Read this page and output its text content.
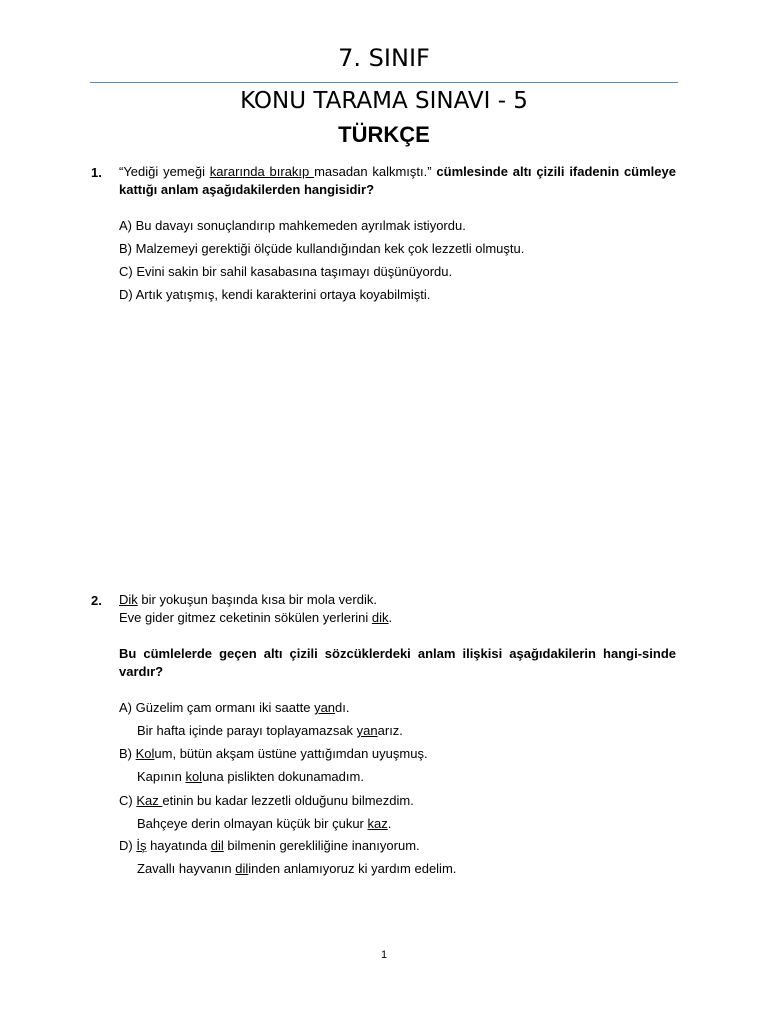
7. SINIF
KONU TARAMA SINAVI - 5
TÜRKÇE
1. “Yediği yemeği kararında bırakıp masadan kalkmıştı.” cümlesinde altı çizili ifadenin cümleye kattığı anlam aşağıdakilerden hangisidir?
A) Bu davayı sonuçlandırıp mahkemeden ayrılmak istiyordu.
B) Malzemeyi gerektiği ölçüde kullandığından kek çok lezzetli olmuştu.
C) Evini sakin bir sahil kasabasına taşımayı düşünüyordu.
D) Artık yatışmış, kendi karakterini ortaya koyabilmişti.
2. Dik bir yokuşun başında kısa bir mola verdik.
Eve gider gitmez ceketinin sökülen yerlerini dik.
Bu cümlelerde geçen altı çizili sözcüklerdeki anlam ilişkisi aşağıdakilerin hangi-sinde vardır?
A) Güzelim çam ormanı iki saatte yandı.
Bir hafta içinde parayı toplayamazsak yanarız.
B) Kolum, bütün akşam üstüne yattığımdan uyuşmuş.
Kapının koluna pislikten dokunamadım.
C) Kaz etinin bu kadar lezzetli olduğunu bilmezdim.
Bahçeye derin olmayan küçük bir çukur kaz.
D) İş hayatında dil bilmenin gerekliliğine inanıyorum.
Zavallı hayvanın dilinden anlamıyoruz ki yardım edelim.
1
